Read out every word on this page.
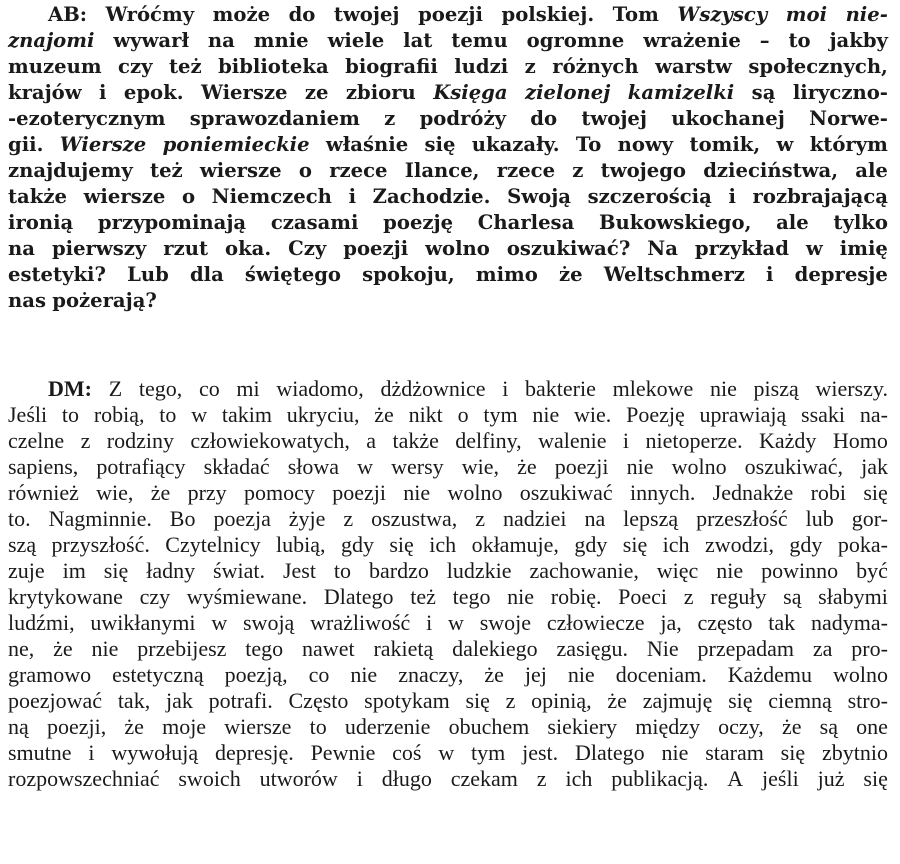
AB: Wróćmy może do twojej poezji polskiej. Tom Wszyscy moi nie-
znajomi wywarł na mnie wiele lat temu ogromne wrażenie – to jakby
muzeum czy też biblioteka biografii ludzi z różnych warstw społecznych,
krajów i epok. Wiersze ze zbioru Księga zielonej kamizelki są liryczno-
-ezoterycznym sprawozdaniem z podróży do twojej ukochanej Norwe-
gii. Wiersze poniemieckie właśnie się ukazały. To nowy tomik, w którym
znajdujemy też wiersze o rzece Ilance, rzece z twojego dzieciństwa, ale
także wiersze o Niemczech i Zachodzie. Swoją szczerością i rozbrajającą
ironią przypominają czasami poezję Charlesa Bukowskiego, ale tylko
na pierwszy rzut oka. Czy poezji wolno oszukiwać? Na przykład w imię
estetyki? Lub dla świętego spokoju, mimo że Weltschmerz i depresje
nas pożerają?
DM: Z tego, co mi wiadomo, dżdżownice i bakterie mlekowe nie piszą wierszy.
Jeśli to robią, to w takim ukryciu, że nikt o tym nie wie. Poezję uprawiają ssaki na-
czelne z rodziny człowiekowatych, a także delfiny, walenie i nietoperze. Każdy Homo
sapiens, potrafiący składać słowa w wersy wie, że poezji nie wolno oszukiwać, jak
również wie, że przy pomocy poezji nie wolno oszukiwać innych. Jednakże robi się
to. Nagminnie. Bo poezja żyje z oszustwa, z nadziei na lepszą przeszłość lub gor-
szą przyszłość. Czytelnicy lubią, gdy się ich okłamuje, gdy się ich zwodzi, gdy poka-
zuje im się ładny świat. Jest to bardzo ludzkie zachowanie, więc nie powinno być
krytykowane czy wyśmiewane. Dlatego też tego nie robię. Poeci z reguły są słabymi
ludźmi, uwikłanymi w swoją wrażliwość i w swoje człowiecze ja, często tak nadyma-
ne, że nie przebijesz tego nawet rakietą dalekiego zasięgu. Nie przepadam za pro-
gramowo estetyczną poezją, co nie znaczy, że jej nie doceniam. Każdemu wolno
poezjować tak, jak potrafi. Często spotykam się z opinią, że zajmuję się ciemną stro-
ną poezji, że moje wiersze to uderzenie obuchem siekiery między oczy, że są one
smutne i wywołują depresję. Pewnie coś w tym jest. Dlatego nie staram się zbytnio
rozpowszechniać swoich utworów i długo czekam z ich publikacją. A jeśli już się
